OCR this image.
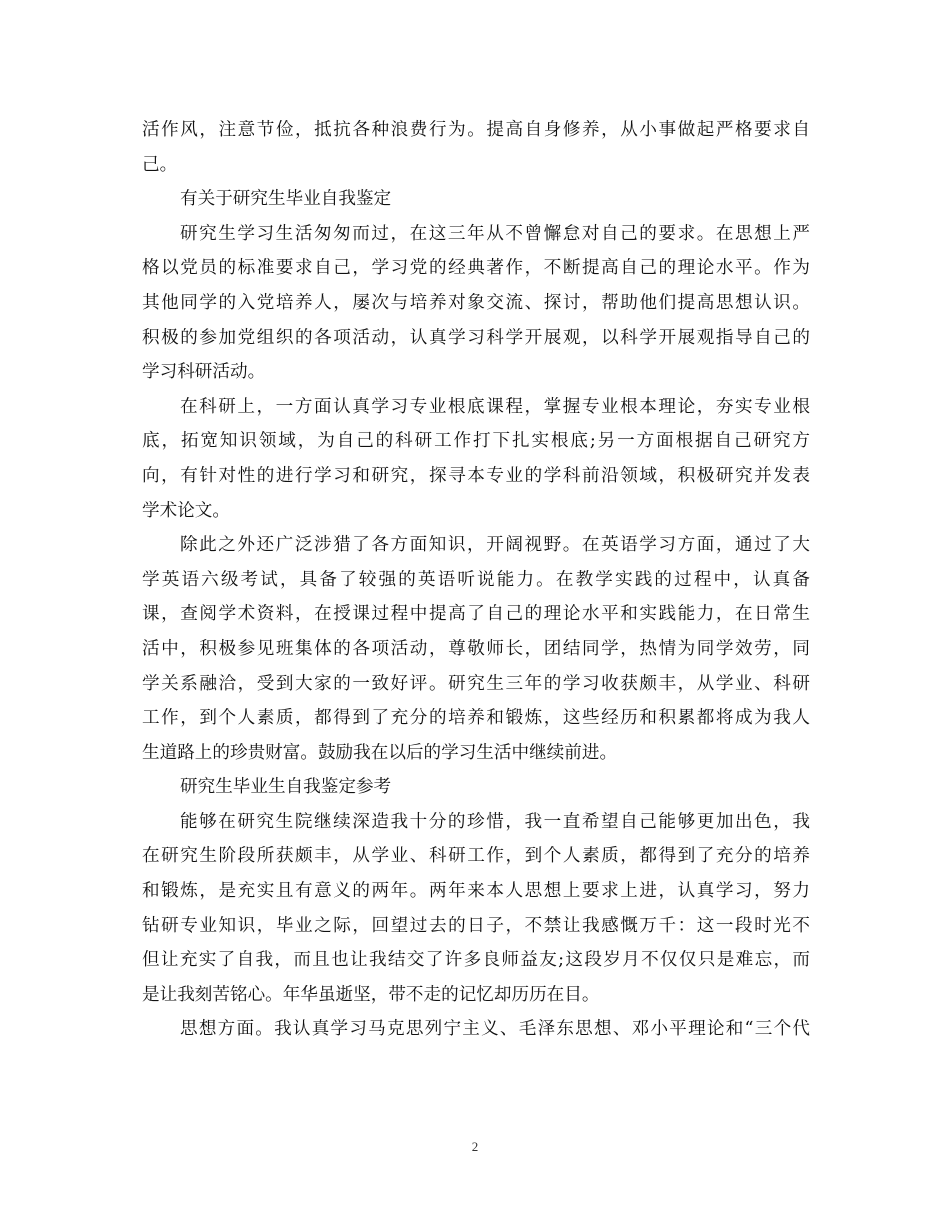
活作风，注意节俭，抵抗各种浪费行为。提高自身修养，从小事做起严格要求自
己。
有关于研究生毕业自我鉴定
研究生学习生活匆匆而过，在这三年从不曾懈怠对自己的要求。在思想上严
格以党员的标准要求自己，学习党的经典著作，不断提高自己的理论水平。作为
其他同学的入党培养人，屡次与培养对象交流、探讨，帮助他们提高思想认识。
积极的参加党组织的各项活动，认真学习科学开展观，以科学开展观指导自己的
学习科研活动。
在科研上，一方面认真学习专业根底课程，掌握专业根本理论，夯实专业根
底，拓宽知识领域，为自己的科研工作打下扎实根底;另一方面根据自己研究方
向，有针对性的进行学习和研究，探寻本专业的学科前沿领域，积极研究并发表
学术论文。
除此之外还广泛涉猎了各方面知识，开阔视野。在英语学习方面，通过了大
学英语六级考试，具备了较强的英语听说能力。在教学实践的过程中，认真备
课，查阅学术资料，在授课过程中提高了自己的理论水平和实践能力，在日常生
活中，积极参见班集体的各项活动，尊敬师长，团结同学，热情为同学效劳，同
学关系融洽，受到大家的一致好评。研究生三年的学习收获颇丰，从学业、科研
工作，到个人素质，都得到了充分的培养和锻炼，这些经历和积累都将成为我人
生道路上的珍贵财富。鼓励我在以后的学习生活中继续前进。
研究生毕业生自我鉴定参考
能够在研究生院继续深造我十分的珍惜，我一直希望自己能够更加出色，我
在研究生阶段所获颇丰，从学业、科研工作，到个人素质，都得到了充分的培养
和锻炼，是充实且有意义的两年。两年来本人思想上要求上进，认真学习，努力
钻研专业知识，毕业之际，回望过去的日子，不禁让我感慨万千：这一段时光不
但让充实了自我，而且也让我结交了许多良师益友;这段岁月不仅仅只是难忘，而
是让我刻苦铭心。年华虽逝坚，带不走的记忆却历历在目。
思想方面。我认真学习马克思列宁主义、毛泽东思想、邓小平理论和“三个代
2
